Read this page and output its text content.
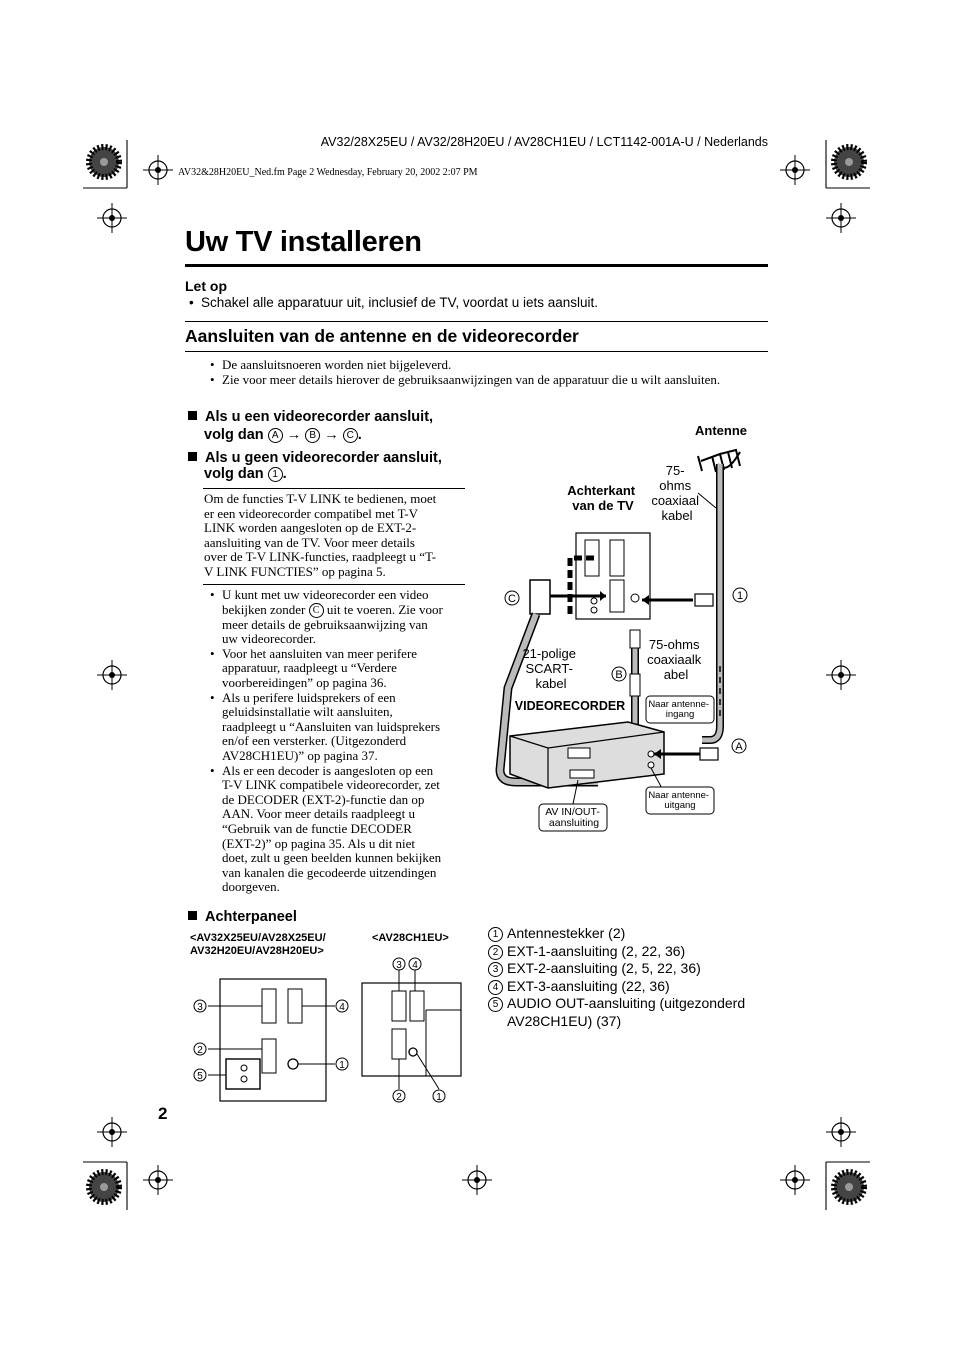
AV32/28X25EU / AV32/28H20EU / AV28CH1EU / LCT1142-001A-U / Nederlands
AV32&28H20EU_Ned.fm Page 2 Wednesday, February 20, 2002 2:07 PM
Uw TV installeren
Let op
• Schakel alle apparatuur uit, inclusief de TV, voordat u iets aansluit.
Aansluiten van de antenne en de videorecorder
• De aansluitsnoeren worden niet bijgeleverd.
• Zie voor meer details hierover de gebruiksaanwijzingen van de apparatuur die u wilt aansluiten.
Als u een videorecorder aansluit,
volg dan A → B → C .
Als u geen videorecorder aansluit,
volg dan 1 .
Om de functies T-V LINK te bedienen, moet
er een videorecorder compatibel met T-V
LINK worden aangesloten op de EXT-2-
aansluiting van de TV. Voor meer details
over de T-V LINK-functies, raadpleegt u “T-
V LINK FUNCTIES” op pagina 5.
• U kunt met uw videorecorder een video
bekijken zonder C uit te voeren. Zie voor
meer details de gebruiksaanwijzing van
uw videorecorder.
• Voor het aansluiten van meer perifere
apparatuur, raadpleegt u “Verdere
voorbereidingen” op pagina 36.
• Als u perifere luidsprekers of een
geluidsinstallatie wilt aansluiten,
raadpleegt u “Aansluiten van luidsprekers
en/of een versterker. (Uitgezonderd
AV28CH1EU)” op pagina 37.
• Als er een decoder is aangesloten op een
T-V LINK compatibele videorecorder, zet
de DECODER (EXT-2)-functie dan op
AAN. Voor meer details raadpleegt u
“Gebruik van de functie DECODER
(EXT-2)” op pagina 35. Als u dit niet
doet, zult u geen beelden kunnen bekijken
van kanalen die gecodeerde uitzendingen
doorgeven.
Antenne
75- ohms coaxiaal kabel
Achterkant van de TV
C	1
21-polige SCART- kabel
75-ohms coaxiaalk abel
B
VIDEORECORDER Naar antenne- ingang
A
Naar antenne- uitgang
AV IN/OUT- aansluiting
Achterpaneel
<AV32X25EU/AV28X25EU/
AV32H20EU/AV28H20EU>
<AV28CH1EU>
3	4
2
5
1
3 4
2	1
1 Antennestekker (2)
2 EXT-1-aansluiting (2, 22, 36)
3 EXT-2-aansluiting (2, 5, 22, 36)
4 EXT-3-aansluiting (22, 36)
5 AUDIO OUT-aansluiting (uitgezonderd
AV28CH1EU) (37)
2
